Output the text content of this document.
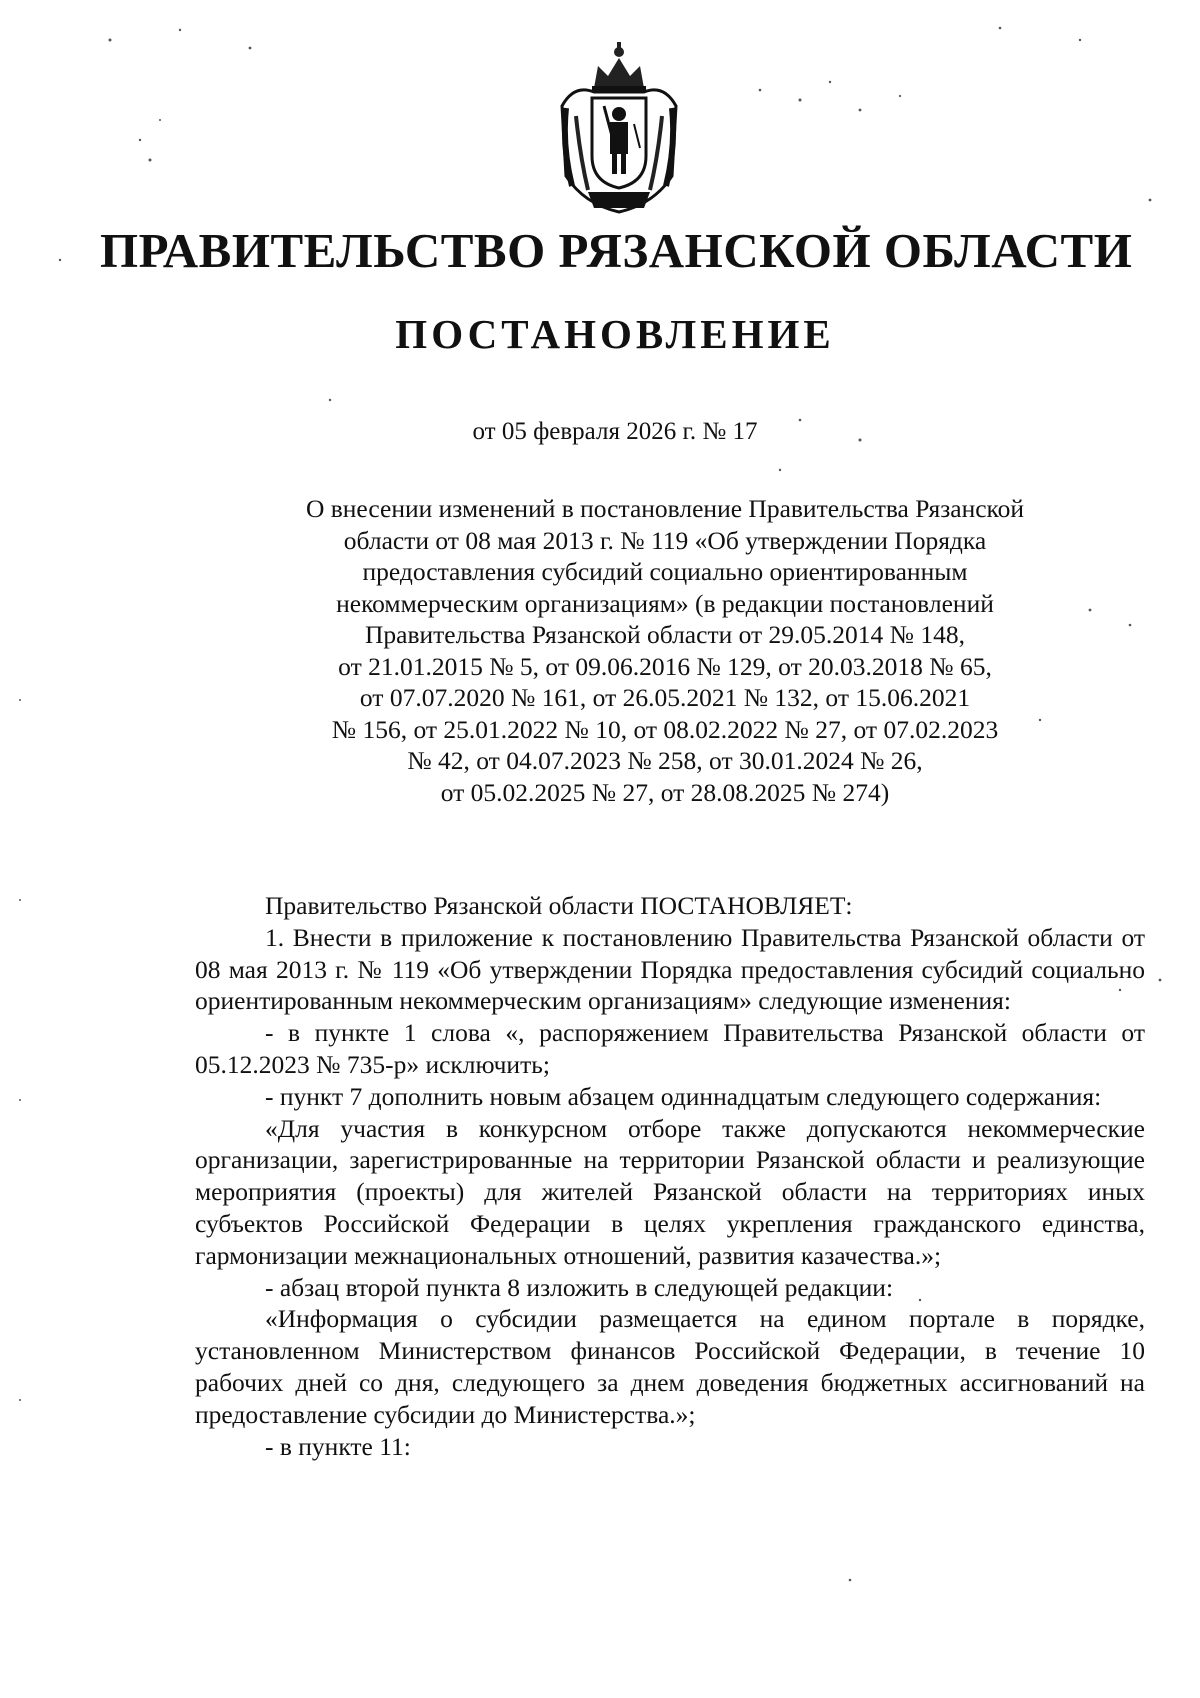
ПРАВИТЕЛЬСТВО РЯЗАНСКОЙ ОБЛАСТИ
ПОСТАНОВЛЕНИЕ
от 05 февраля 2026 г. № 17
О внесении изменений в постановление Правительства Рязанской
области от 08 мая 2013 г. № 119 «Об утверждении Порядка
предоставления субсидий социально ориентированным
некоммерческим организациям» (в редакции постановлений
Правительства Рязанской области от 29.05.2014 № 148,
от 21.01.2015 № 5, от 09.06.2016 № 129, от 20.03.2018 № 65,
от 07.07.2020 № 161, от 26.05.2021 № 132, от 15.06.2021
№ 156, от 25.01.2022 № 10, от 08.02.2022 № 27, от 07.02.2023
№ 42, от 04.07.2023 № 258, от 30.01.2024 № 26,
от 05.02.2025 № 27, от 28.08.2025 № 274)

Правительство Рязанской области ПОСТАНОВЛЯЕТ:

1. Внести в приложение к постановлению Правительства Рязанской области от 08 мая 2013 г. № 119 «Об утверждении Порядка предоставления субсидий социально ориентированным некоммерческим организациям» следующие изменения:

- в пункте 1 слова «, распоряжением Правительства Рязанской области от 05.12.2023 № 735-р» исключить;

- пункт 7 дополнить новым абзацем одиннадцатым следующего содержания:

«Для участия в конкурсном отборе также допускаются некоммерческие организации, зарегистрированные на территории Рязанской области и реализующие мероприятия (проекты) для жителей Рязанской области на территориях иных субъектов Российской Федерации в целях укрепления гражданского единства, гармонизации межнациональных отношений, развития казачества.»;

- абзац второй пункта 8 изложить в следующей редакции:

«Информация о субсидии размещается на едином портале в порядке, установленном Министерством финансов Российской Федерации, в течение 10 рабочих дней со дня, следующего за днем доведения бюджетных ассигнований на предоставление субсидии до Министерства.»;

- в пункте 11:
